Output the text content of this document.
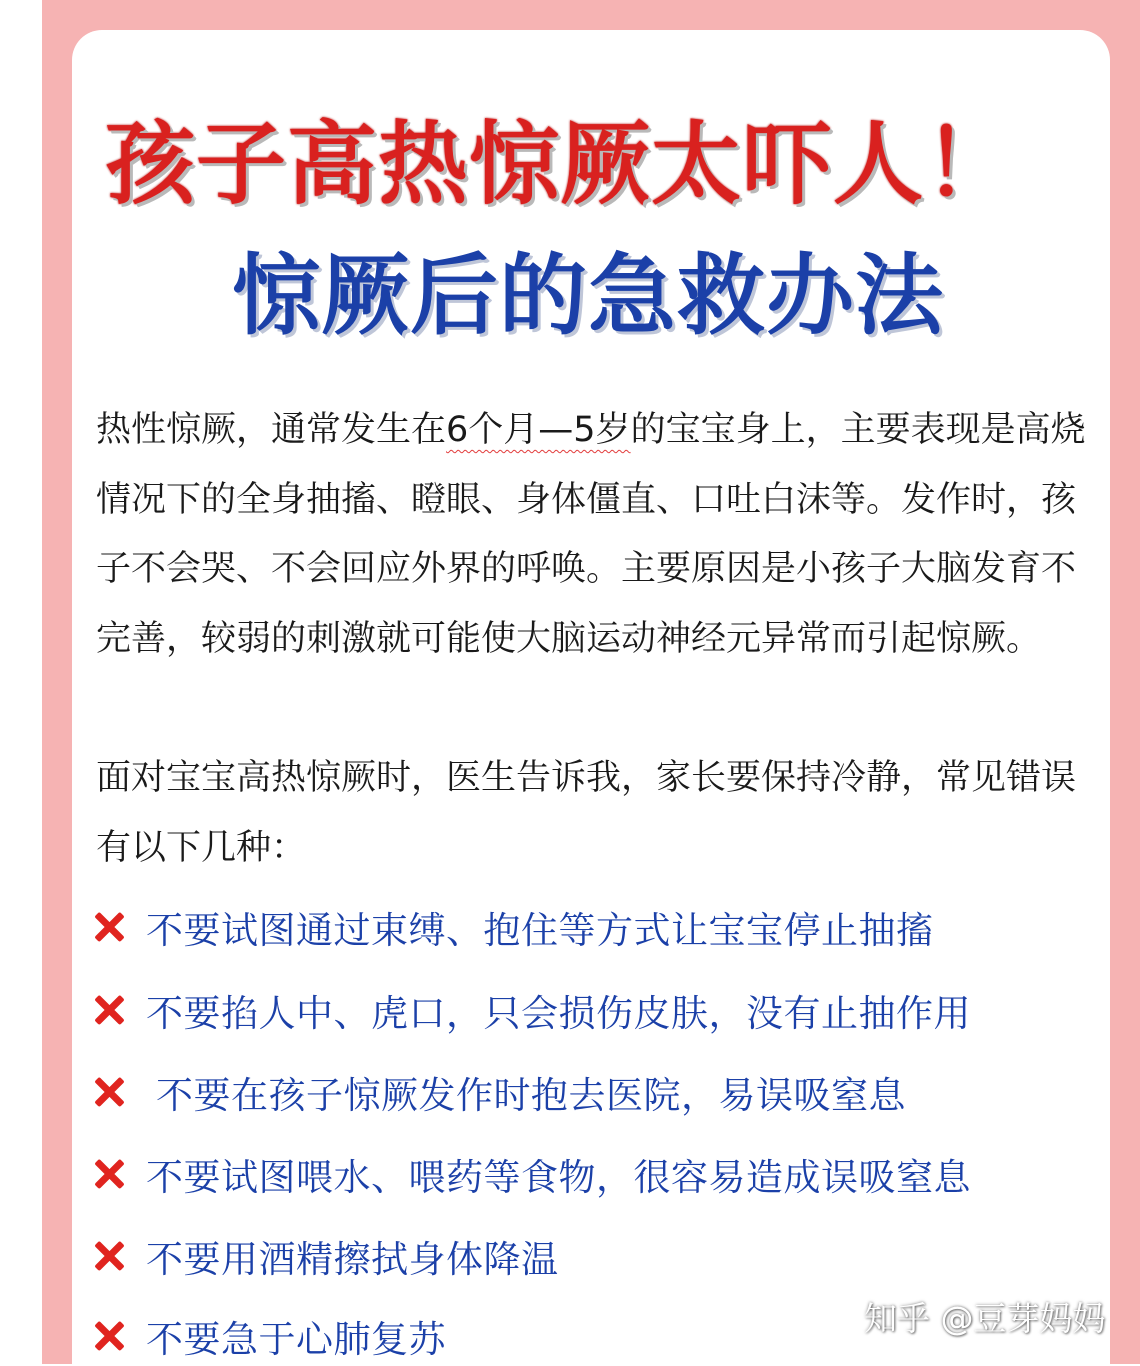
孩子高热惊厥太吓人！
惊厥后的急救办法

热性惊厥，通常发生在6个月—5岁的宝宝身上，主要表现是高烧情况下的全身抽搐、瞪眼、身体僵直、口吐白沫等。发作时，孩子不会哭、不会回应外界的呼唤。主要原因是小孩子大脑发育不完善，较弱的刺激就可能使大脑运动神经元异常而引起惊厥。

面对宝宝高热惊厥时，医生告诉我，家长要保持冷静，常见错误有以下几种：

不要试图通过束缚、抱住等方式让宝宝停止抽搐
不要掐人中、虎口，只会损伤皮肤，没有止抽作用
不要在孩子惊厥发作时抱去医院，易误吸窒息
不要试图喂水、喂药等食物，很容易造成误吸窒息
不要用酒精擦拭身体降温
不要急于心肺复苏	知乎 @豆芽妈妈
